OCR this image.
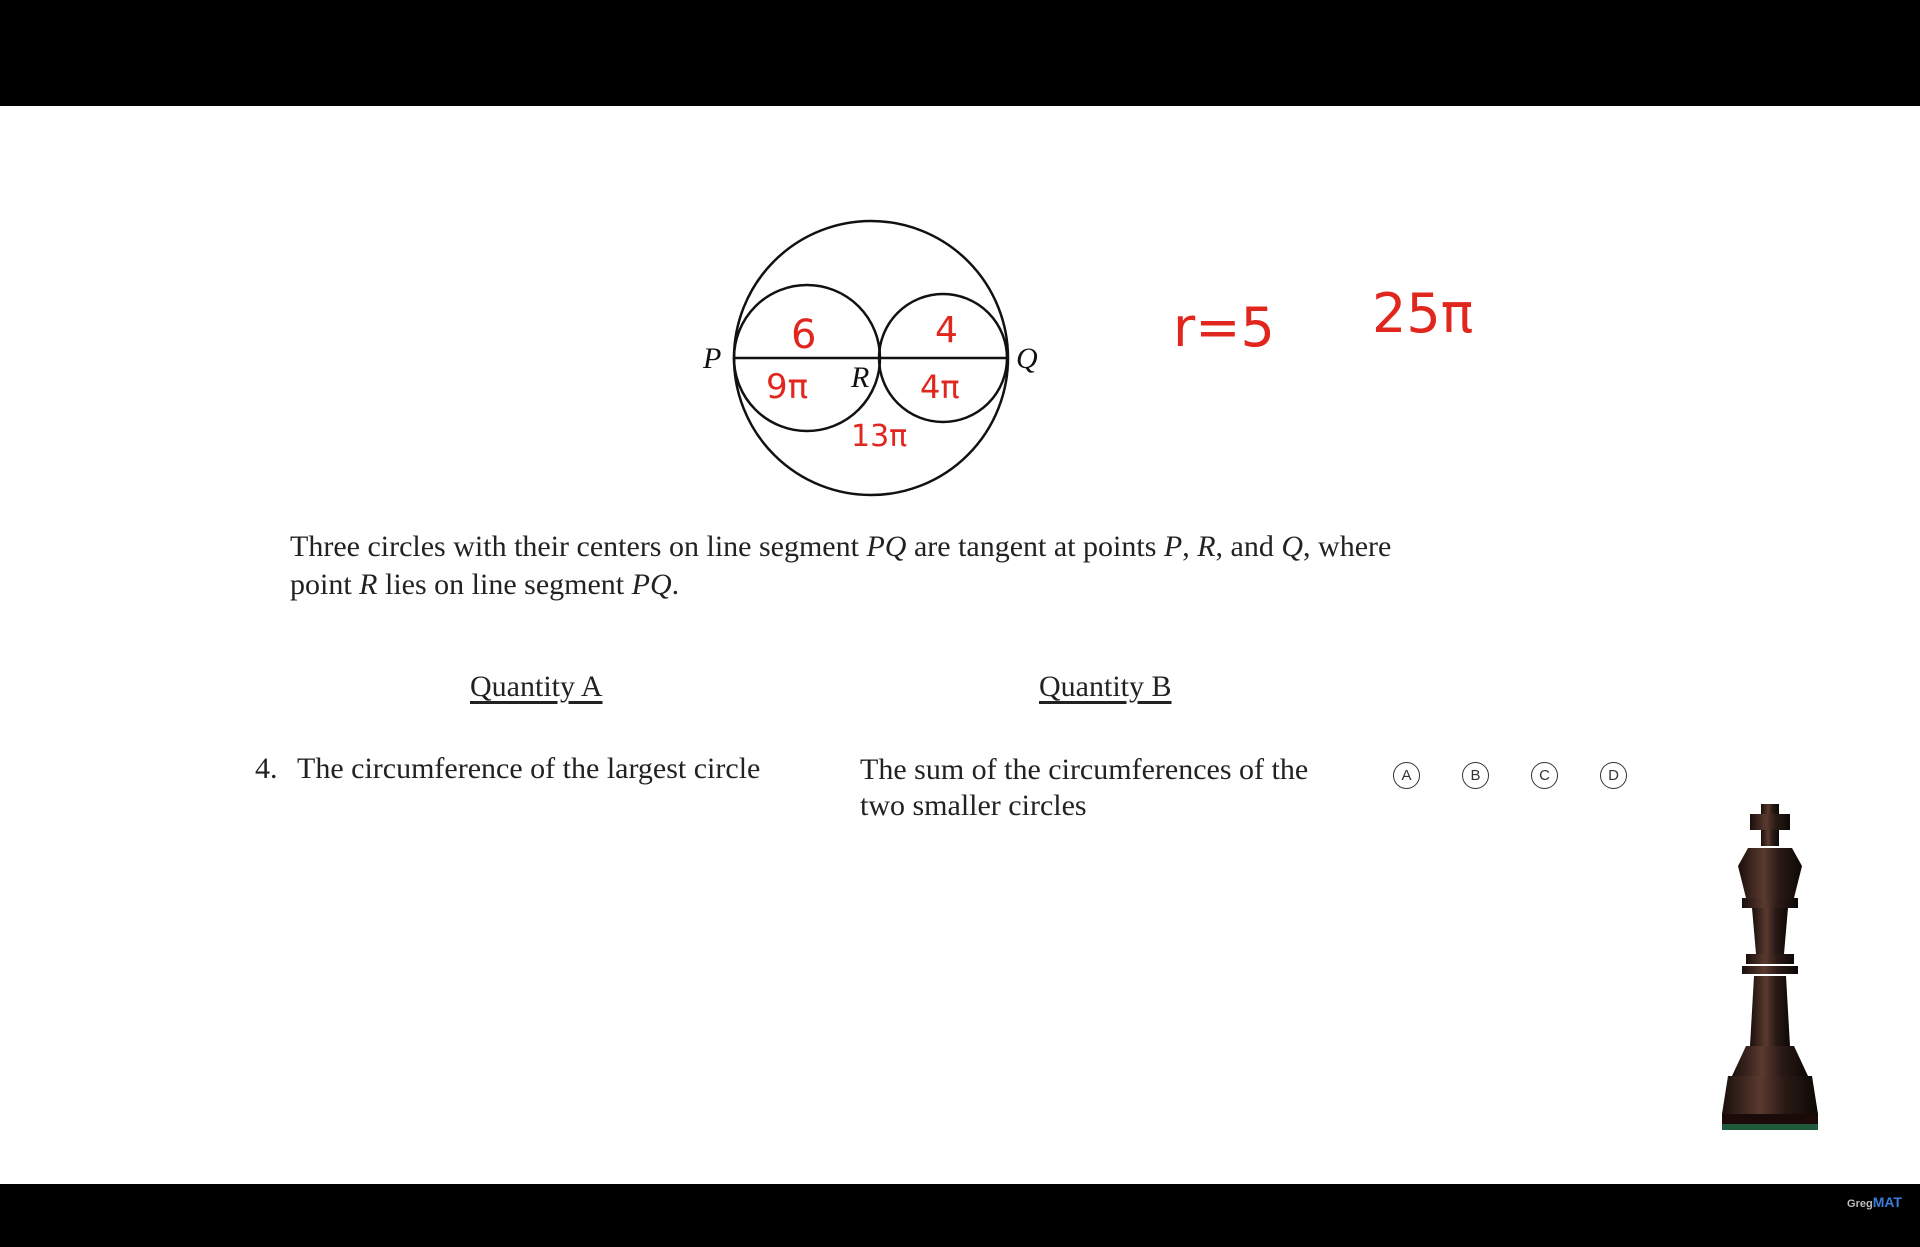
P	Q
R
6
9π
4
4π
13π
r=5 25π
Three circles with their centers on line segment PQ are tangent at points P, R, and Q, where point R lies on line segment PQ.
Quantity A	Quantity B
4. The circumference of the largest circle	The sum of the circumferences of the two smaller circles
A	B	C	D
GregMAT
